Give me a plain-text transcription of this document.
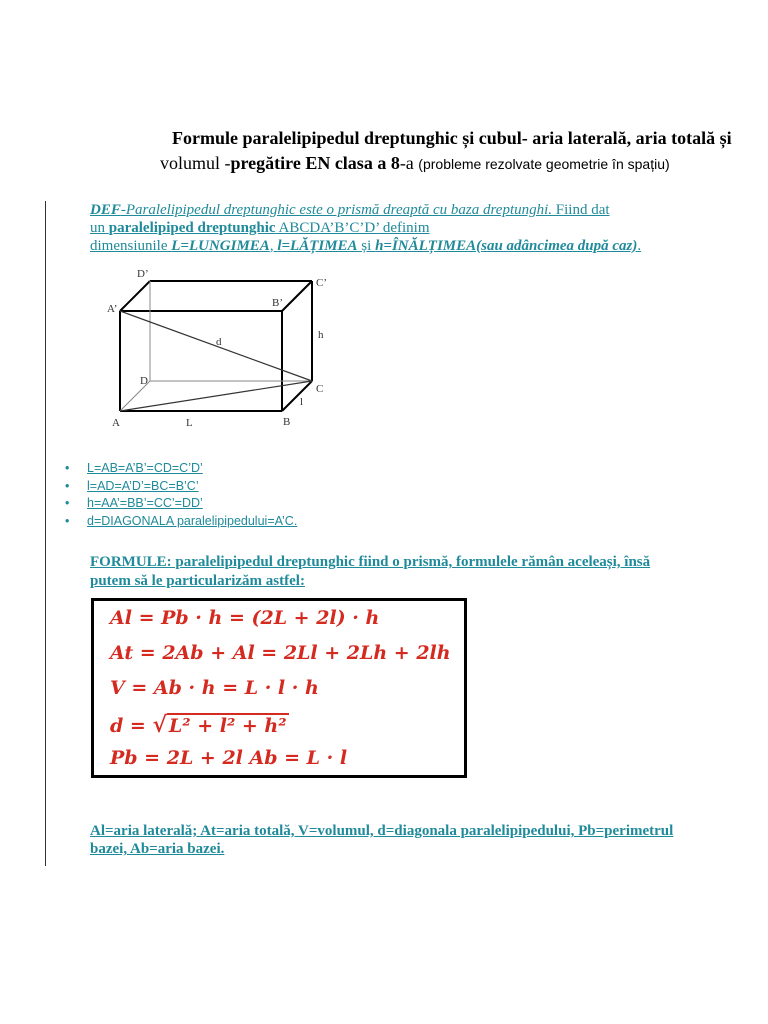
Formule paralelipipedul dreptunghic și cubul- aria laterală, aria totală și
volumul -pregătire EN clasa a 8-a (probleme rezolvate geometrie în spațiu)
DEF-Paralelipipedul dreptunghic este o prismă dreaptă cu baza dreptunghi. Fiind dat
un paralelipiped dreptunghic ABCDA’B’C’D’ definim
dimensiunile L=LUNGIMEA, l=LĂȚIMEA și h=ÎNĂLȚIMEA(sau adâncimea după caz).
A’
D’
B’
C’
D
C
A	B
L
l
h
d
• L=AB=A’B’=CD=C’D’
• l=AD=A’D’=BC=B’C’
• h=AA’=BB’=CC’=DD’
• d=DIAGONALA paralelipipedului=A’C.
FORMULE: paralelipipedul dreptunghic fiind o prismă, formulele rămân aceleași, însă putem să le particularizăm astfel:
Al = Pb · h = (2L + 2l) · h
At = 2Ab + Al = 2Ll + 2Lh + 2lh
V = Ab · h = L · l · h
d = √ L² + l² + h²
Pb = 2L + 2l Ab = L · l
Al=aria laterală; At=aria totală, V=volumul, d=diagonala paralelipipedului, Pb=perimetrul bazei, Ab=aria bazei.
